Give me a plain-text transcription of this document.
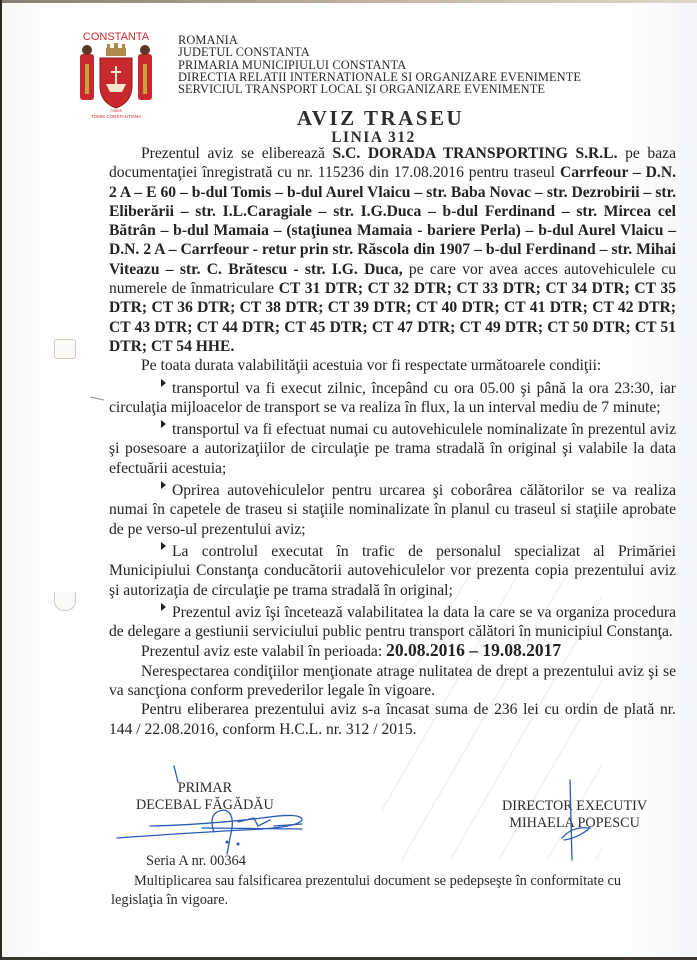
CONSTANTA
TOMIS
TOMIS CONSTANTIANA
ROMANIA
JUDETUL CONSTANTA
PRIMARIA MUNICIPIULUI CONSTANTA
DIRECTIA RELATII INTERNATIONALE SI ORGANIZARE EVENIMENTE
SERVICIUL TRANSPORT LOCAL ŞI ORGANIZARE EVENIMENTE
AVIZ TRASEU
LINIA 312

Prezentul aviz se eliberează S.C. DORADA TRANSPORTING S.R.L. pe baza documentaţiei înregistrată cu nr. 115236 din 17.08.2016 pentru traseul Carrfeour – D.N. 2 A – E 60 – b-dul Tomis – b-dul Aurel Vlaicu – str. Baba Novac – str. Dezrobirii – str. Eliberării – str. I.L.Caragiale – str. I.G.Duca – b-dul Ferdinand – str. Mircea cel Bătrân – b-dul Mamaia – (staţiunea Mamaia - bariere Perla) – b-dul Aurel Vlaicu – D.N. 2 A – Carrfeour - retur prin str. Răscola din 1907 – b-dul Ferdinand – str. Mihai Viteazu – str. C. Brătescu - str. I.G. Duca, pe care vor avea acces autovehiculele cu numerele de înmatriculare CT 31 DTR; CT 32 DTR; CT 33 DTR; CT 34 DTR; CT 35 DTR; CT 36 DTR; CT 38 DTR; CT 39 DTR; CT 40 DTR; CT 41 DTR; CT 42 DTR; CT 43 DTR; CT 44 DTR; CT 45 DTR; CT 47 DTR; CT 49 DTR; CT 50 DTR; CT 51 DTR; CT 54 HHE.

Pe toata durata valabilităţii acestuia vor fi respectate următoarele condiţii:

transportul va fi execut zilnic, începând cu ora 05.00 şi până la ora 23:30, iar circulaţia mijloacelor de transport se va realiza în flux, la un interval mediu de 7 minute;

transportul va fi efectuat numai cu autovehiculele nominalizate în prezentul aviz şi posesoare a autorizaţiilor de circulaţie pe trama stradală în original şi valabile la data efectuării acestuia;

Oprirea autovehiculelor pentru urcarea şi coborârea călătorilor se va realiza numai în capetele de traseu si staţiile nominalizate în planul cu traseul si staţiile aprobate de pe verso-ul prezentului aviz;

La controlul executat în trafic de personalul specializat al Primăriei Municipiului Constanţa conducătorii autovehiculelor vor prezenta copia prezentului aviz şi autorizaţia de circulaţie pe trama stradală în original;

Prezentul aviz îşi încetează valabilitatea la data la care se va organiza procedura de delegare a gestiunii serviciului public pentru transport călători în municipiul Constanţa.

Prezentul aviz este valabil în perioada: 20.08.2016 – 19.08.2017

Nerespectarea condiţiilor menţionate atrage nulitatea de drept a prezentului aviz şi se va sancţiona conform prevederilor legale în vigoare.

Pentru eliberarea prezentului aviz s-a încasat suma de 236 lei cu ordin de plată nr. 144 / 22.08.2016, conform H.C.L. nr. 312 / 2015.

PRIMAR
DECEBAL FĂGĂDĂU	DIRECTOR EXECUTIV
MIHAELA POPESCU
Seria A nr. 00364

Multiplicarea sau falsificarea prezentului document se pedepseşte în conformitate cu legislaţia în vigoare.
